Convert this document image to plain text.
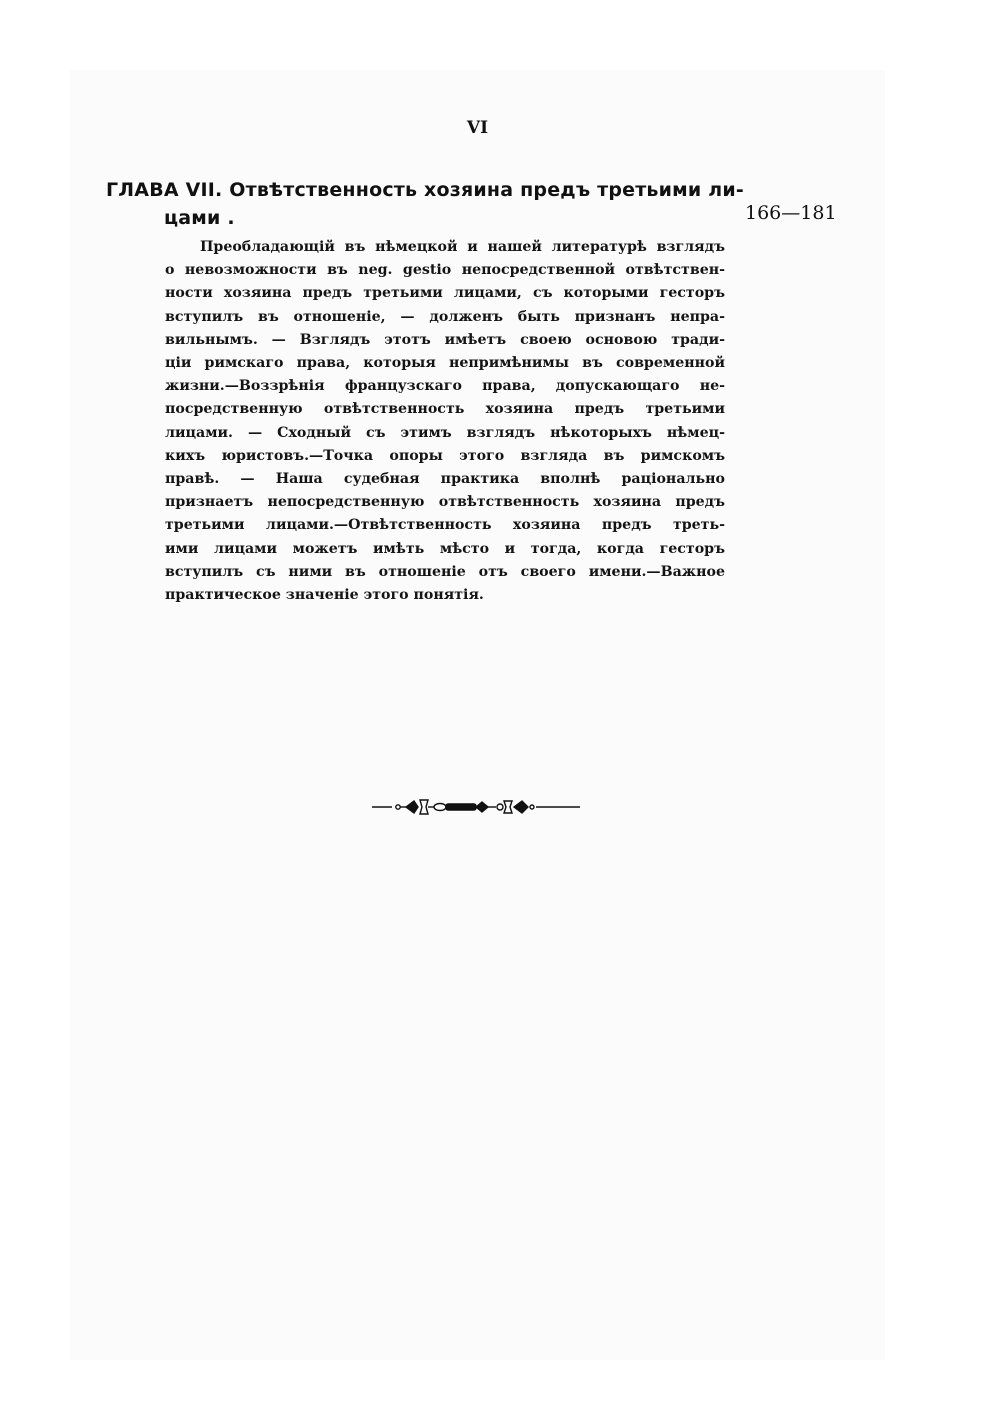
VI
ГЛАВА VII. Отвѣтственность хозяина предъ третьими ли-
цами .	166—181
Преобладающій въ нѣмецкой и нашей литературѣ взглядъ
о невозможности въ neg. gestio непосредственной отвѣтствен-
ности хозяина предъ третьими лицами, съ которыми гесторъ
вступилъ въ отношеніе, — долженъ быть признанъ непра-
вильнымъ. — Взглядъ этотъ имѣетъ своею основою тради-
ціи римскаго права, которыя непримѣнимы въ современной
жизни.—Воззрѣнія французскаго права, допускающаго не-
посредственную отвѣтственность хозяина предъ третьими
лицами. — Сходный съ этимъ взглядъ нѣкоторыхъ нѣмец-
кихъ юристовъ.—Точка опоры этого взгляда въ римскомъ
правѣ. — Наша судебная практика вполнѣ раціонально
признаетъ непосредственную отвѣтственность хозяина предъ
третьими лицами.—Отвѣтственность хозяина предъ треть-
ими лицами можетъ имѣть мѣсто и тогда, когда гесторъ
вступилъ съ ними въ отношеніе отъ своего имени.—Важное
практическое значеніе этого понятія.
